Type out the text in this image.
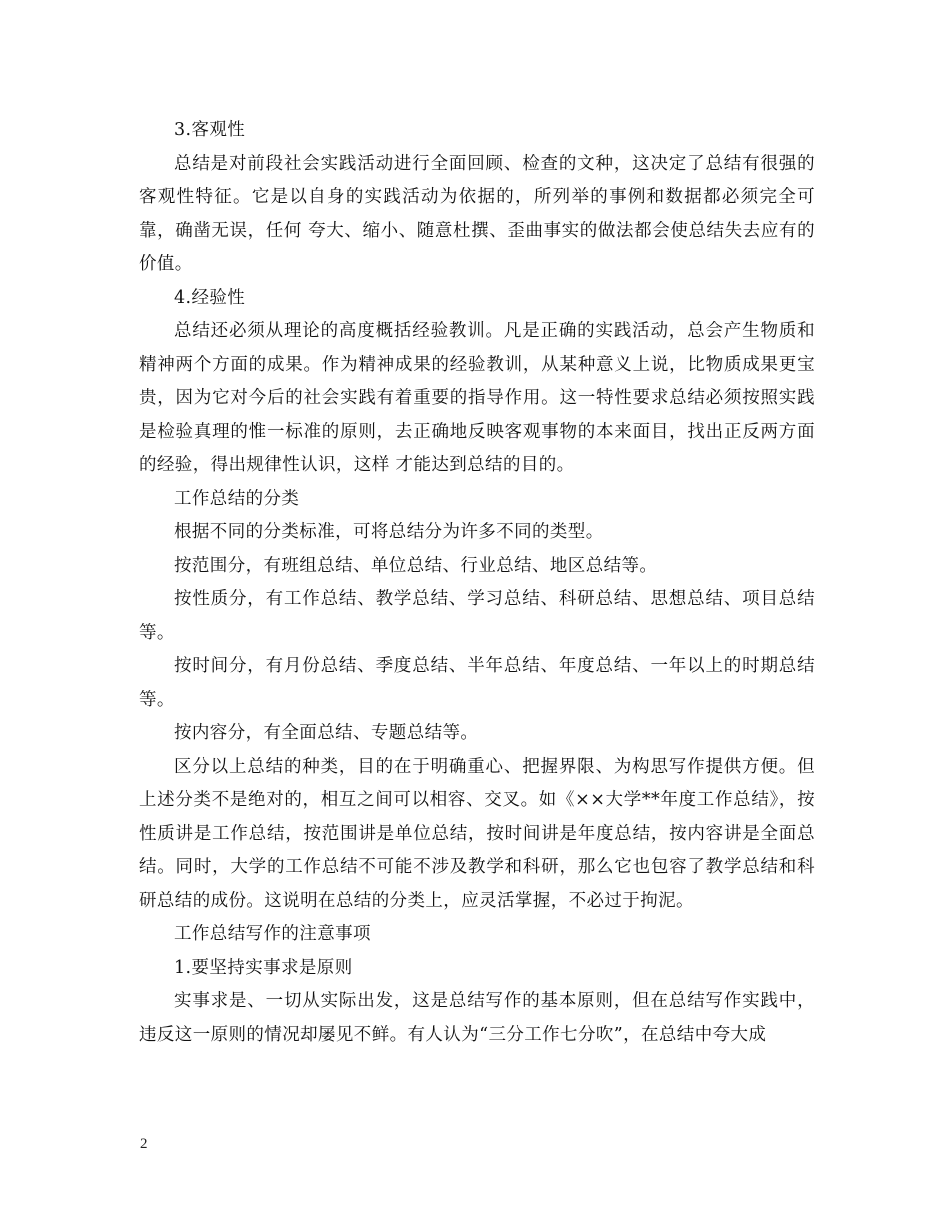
3.客观性

总结是对前段社会实践活动进行全面回顾、检查的文种，这决定了总结有很强的客观性特征。它是以自身的实践活动为依据的，所列举的事例和数据都必须完全可靠，确凿无误，任何 夸大、缩小、随意杜撰、歪曲事实的做法都会使总结失去应有的价值。

4.经验性

总结还必须从理论的高度概括经验教训。凡是正确的实践活动，总会产生物质和精神两个方面的成果。作为精神成果的经验教训，从某种意义上说，比物质成果更宝贵，因为它对今后的社会实践有着重要的指导作用。这一特性要求总结必须按照实践是检验真理的惟一标准的原则，去正确地反映客观事物的本来面目，找出正反两方面的经验，得出规律性认识，这样 才能达到总结的目的。

工作总结的分类

根据不同的分类标准，可将总结分为许多不同的类型。

按范围分，有班组总结、单位总结、行业总结、地区总结等。

按性质分，有工作总结、教学总结、学习总结、科研总结、思想总结、项目总结等。

按时间分，有月份总结、季度总结、半年总结、年度总结、一年以上的时期总结等。

按内容分，有全面总结、专题总结等。

区分以上总结的种类，目的在于明确重心、把握界限、为构思写作提供方便。但上述分类不是绝对的，相互之间可以相容、交叉。如《××大学**年度工作总结》，按性质讲是工作总结，按范围讲是单位总结，按时间讲是年度总结，按内容讲是全面总结。同时，大学的工作总结不可能不涉及教学和科研，那么它也包容了教学总结和科研总结的成份。这说明在总结的分类上，应灵活掌握，不必过于拘泥。

工作总结写作的注意事项

1.要坚持实事求是原则

实事求是、一切从实际出发，这是总结写作的基本原则，但在总结写作实践中，违反这一原则的情况却屡见不鲜。有人认为“三分工作七分吹”，在总结中夸大成

2
